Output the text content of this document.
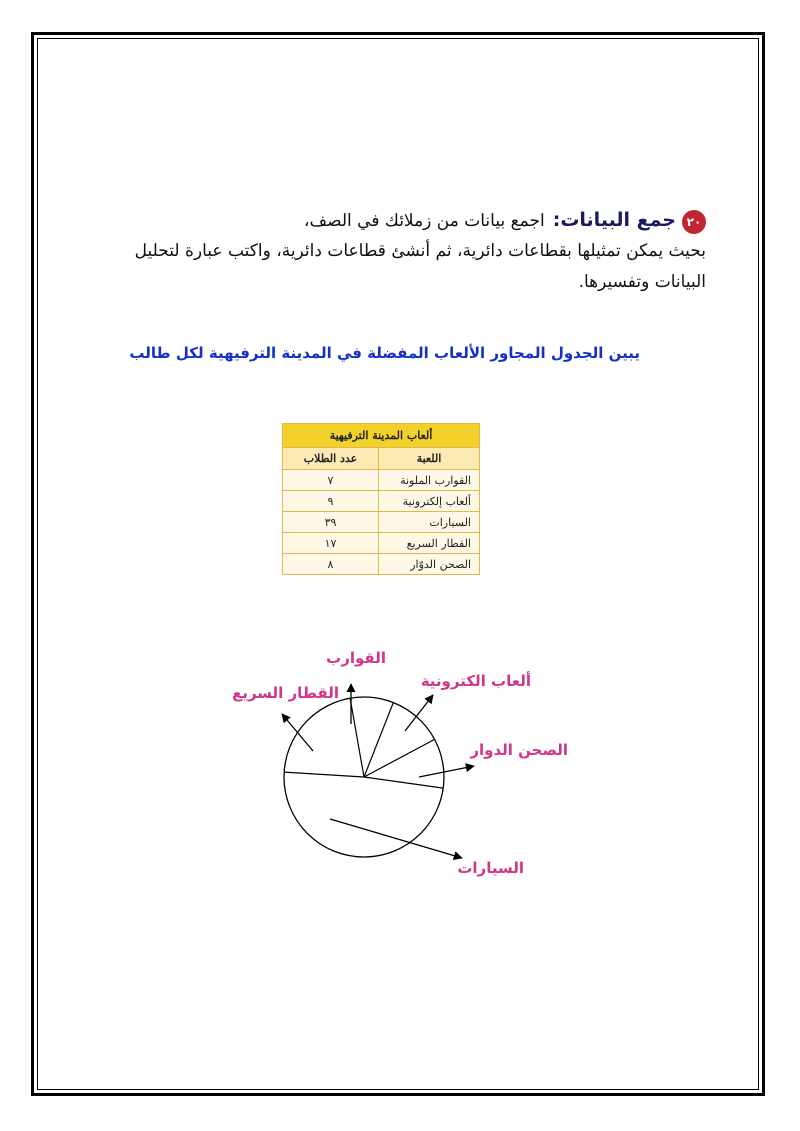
٢٠جمع البيانات:اجمع بيانات من زملائك في الصف،
بحيث يمكن تمثيلها بقطاعات دائرية، ثم أنشئ قطاعات دائرية، واكتب عبارة لتحليل
البيانات وتفسيرها.
يبين الجدول المجاور الألعاب المفضلة في المدينة الترفيهية لكل طالب
ألعاب المدينة الترفيهية	
اللعبة	عدد الطلاب
القوارب الملونة	٧
ألعاب إلكترونية	٩
السيارات	٣٩
القطار السريع	١٧
الصحن الدوّار	٨
القوارب
ألعاب الكترونية
الصحن الدوار
السيارات
القطار السريع
